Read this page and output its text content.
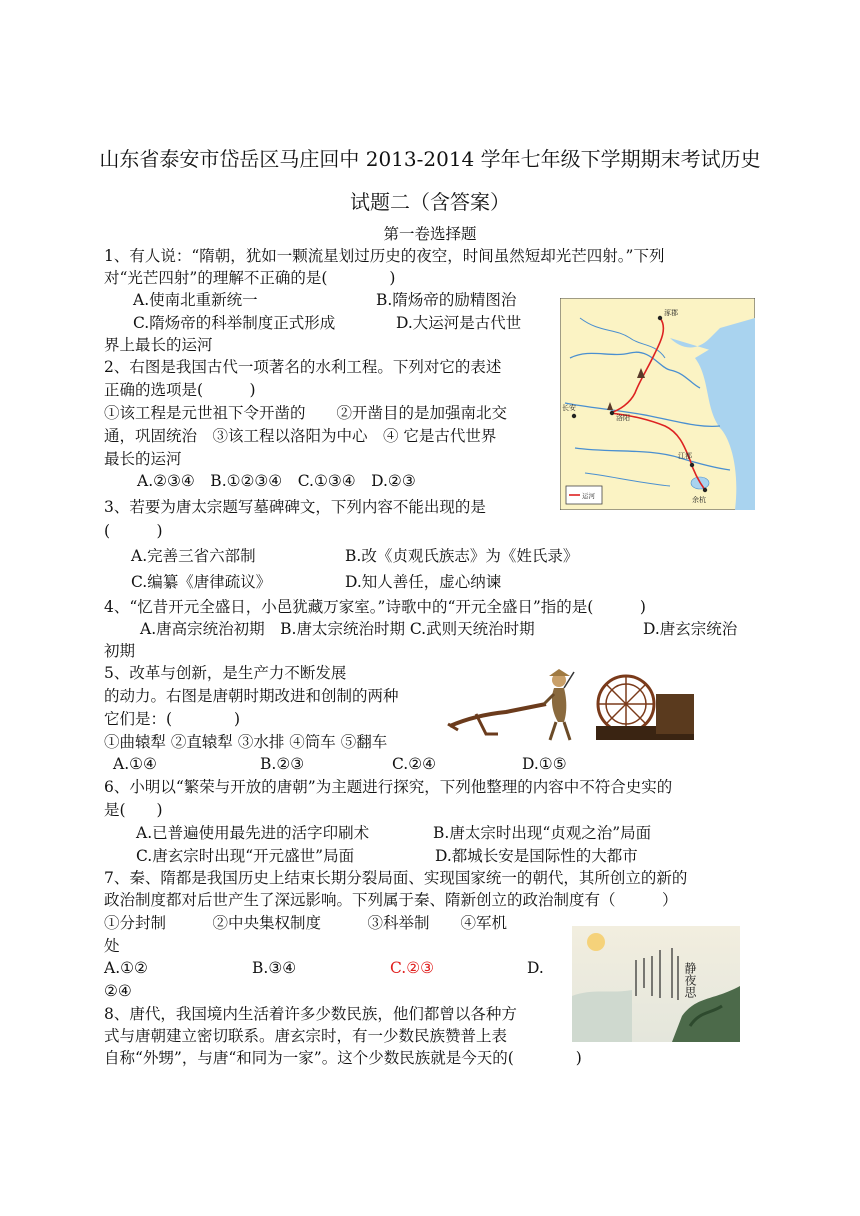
山东省泰安市岱岳区马庄回中 2013-2014 学年七年级下学期期末考试历史
试题二（含答案）
第一卷选择题
1、有人说：“隋朝，犹如一颗流星划过历史的夜空，时间虽然短却光芒四射。”下列
对“光芒四射”的理解不正确的是(　　　　)
A.使南北重新统一	B.隋炀帝的励精图治
C.隋炀帝的科举制度正式形成	D.大运河是古代世
界上最长的运河
2、右图是我国古代一项著名的水利工程。下列对它的表述
正确的选项是(　　　)
①该工程是元世祖下令开凿的　　②开凿目的是加强南北交
通，巩固统治　③该工程以洛阳为中心　④ 它是古代世界
最长的运河
A.②③④　B.①②③④　C.①③④　D.②③
涿郡
长安
洛阳
江都
余杭
运河
3、若要为唐太宗题写墓碑碑文，下列内容不能出现的是
(　　　)
A.完善三省六部制	B.改《贞观氏族志》为《姓氏录》
C.编纂《唐律疏议》	D.知人善任，虚心纳谏
4、“忆昔开元全盛日，小邑犹藏万家室。”诗歌中的“开元全盛日”指的是(　　　)
A.唐高宗统治初期　B.唐太宗统治时期 C.武则天统治时期	D.唐玄宗统治
初期
5、改革与创新，是生产力不断发展
的动力。右图是唐朝时期改进和创制的两种
它们是：(　　　　)
①曲辕犁 ②直辕犁 ③水排 ④筒车 ⑤翻车
A.①④	B.②③	C.②④	D.①⑤
6、小明以“繁荣与开放的唐朝”为主题进行探究，下列他整理的内容中不符合史实的
是(　　)
A.已普遍使用最先进的活字印刷术	B.唐太宗时出现“贞观之治”局面
C.唐玄宗时出现“开元盛世”局面	D.都城长安是国际性的大都市
7、秦、隋都是我国历史上结束长期分裂局面、实现国家统一的朝代，其所创立的新的
政治制度都对后世产生了深远影响。下列属于秦、隋新创立的政治制度有（　　　）
①分封制　　　②中央集权制度　　　③科举制　　④军机
处
A.①②	B.③④	C.②③	D.
②④	静夜思
8、唐代，我国境内生活着许多少数民族，他们都曾以各种方
式与唐朝建立密切联系。唐玄宗时，有一少数民族赞普上表
自称“外甥”，与唐“和同为一家”。这个少数民族就是今天的(　　　　)
